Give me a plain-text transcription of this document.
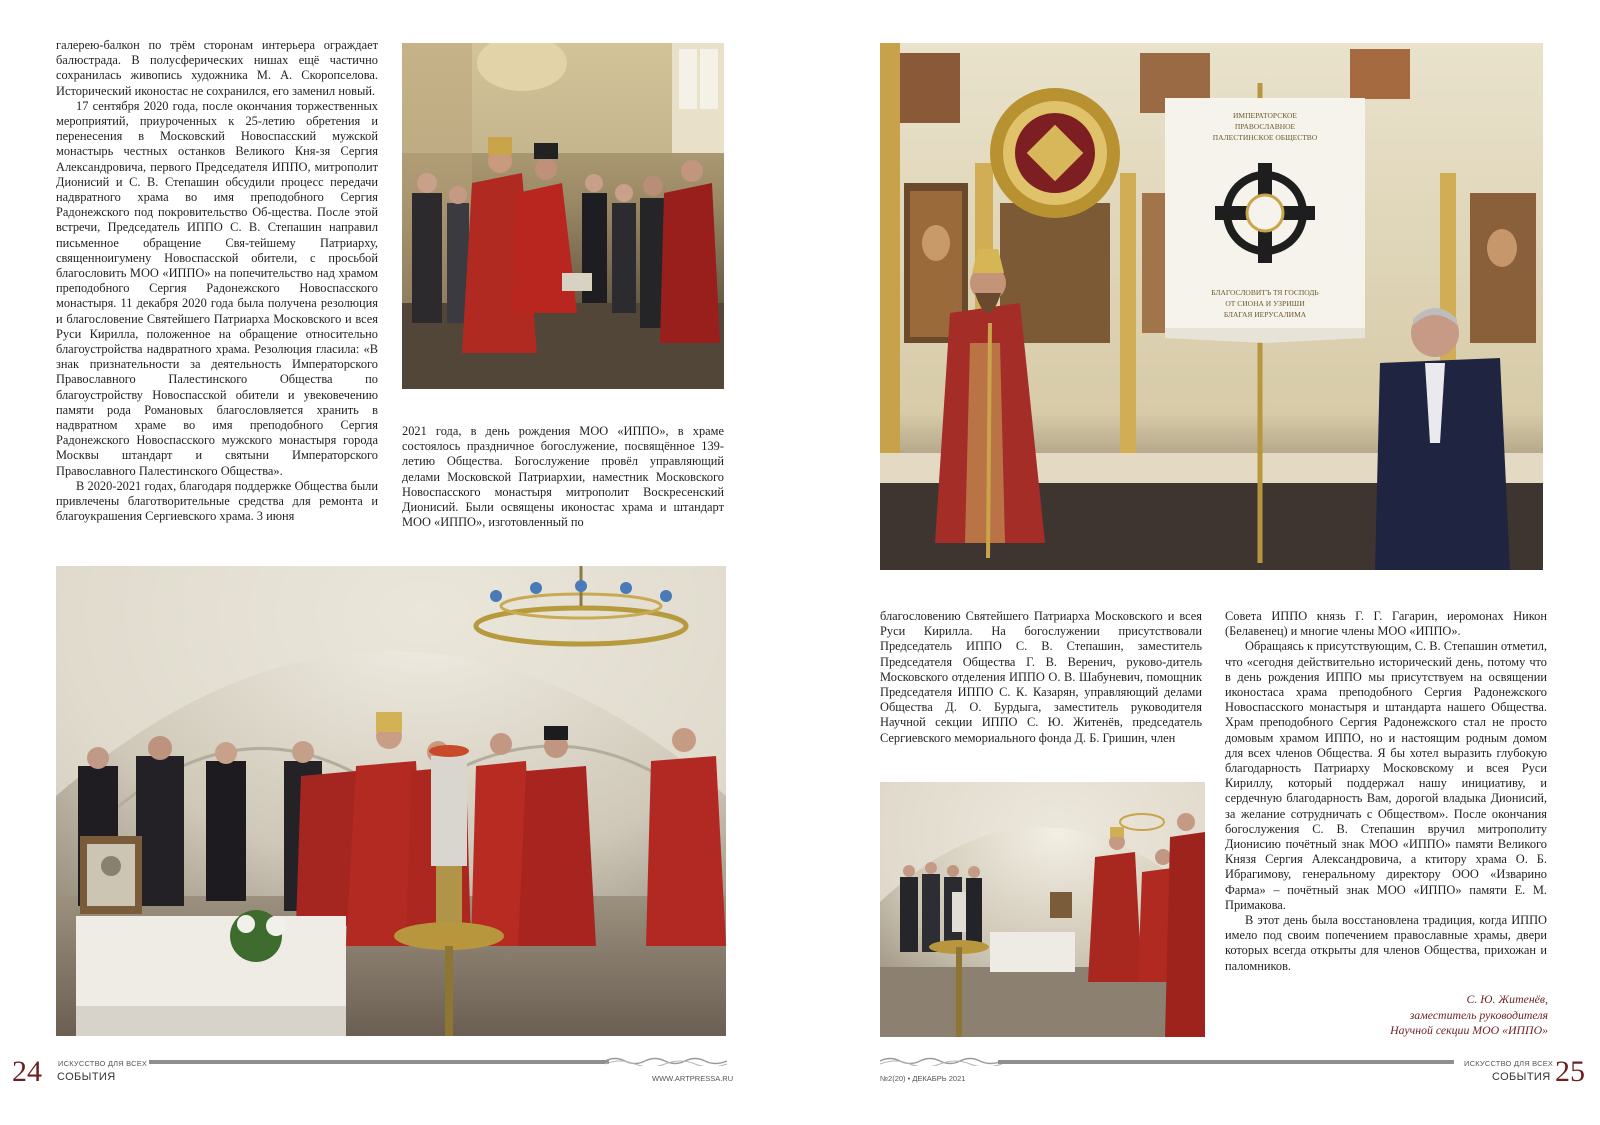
галерею-балкон по трём сторонам интерьера ограждает балюстрада. В полусферических нишах ещё частично сохранилась живопись художника М. А. Скоропселова. Исторический иконостас не сохранился, его заменил новый.

17 сентября 2020 года, после окончания торжественных мероприятий, приуроченных к 25-летию обретения и перенесения в Московский Новоспасский мужской монастырь честных останков Великого Кня-зя Сергия Александровича, первого Председателя ИППО, митрополит Дионисий и С. В. Степашин обсудили процесс передачи надвратного храма во имя преподобного Сергия Радонежского под покровительство Об-щества. После этой встречи, Председатель ИППО С. В. Степашин направил письменное обращение Свя-тейшему Патриарху, священноигумену Новоспасской обители, с просьбой благословить МОО «ИППО» на попечительство над храмом преподобного Сергия Радонежского Новоспасского монастыря. 11 декабря 2020 года была получена резолюция и благословение Святейшего Патриарха Московского и всея Руси Кирилла, положенное на обращение относительно благоустройства надвратного храма. Резолюция гласила: «В знак признательности за деятельность Императорского Православного Палестинского Общества по благоустройству Новоспасской обители и увековечению памяти рода Романовых благословляется хранить в надвратном храме во имя преподобного Сергия Радонежского Новоспасского мужского монастыря города Москвы штандарт и святыни Императорского Православного Палестинского Общества».

В 2020-2021 годах, благодаря поддержке Общества были привлечены благотворительные средства для ремонта и благоукрашения Сергиевского храма. 3 июня

2021 года, в день рождения МОО «ИППО», в храме состоялось праздничное богослужение, посвящённое 139-летию Общества. Богослужение провёл управляющий делами Московской Патриархии, наместник Московского Новоспасского монастыря митрополит Воскресенский Дионисий. Были освящены иконостас храма и штандарт МОО «ИППО», изготовленный по

24 ИСКУССТВО ДЛЯ ВСЕХ
СОБЫТИЯ	WWW.ARTPRESSA.RU
ИМПЕРАТОРСКОЕ
ПРАВОСЛАВНОЕ
ПАЛЕСТИНСКОЕ ОБЩЕСТВО
БЛАГОСЛОВИТЪ ТЯ ГОСПОДЬ
ОТ СИОНА И УЗРИШИ
БЛАГАЯ ИЕРУСАЛИМА

благословению Святейшего Патриарха Московского и всея Руси Кирилла. На богослужении присутствовали Председатель ИППО С. В. Степашин, заместитель Председателя Общества Г. В. Веренич, руково-дитель Московского отделения ИППО О. В. Шабуневич, помощник Председателя ИППО С. К. Казарян, управляющий делами Общества Д. О. Бурдыга, заместитель руководителя Научной секции ИППО С. Ю. Житенёв, председатель Сергиевского мемориального фонда Д. Б. Гришин, член

Совета ИППО князь Г. Г. Гагарин, иеромонах Никон (Белавенец) и многие члены МОО «ИППО».

Обращаясь к присутствующим, С. В. Степашин отметил, что «сегодня действительно исторический день, потому что в день рождения ИППО мы присутствуем на освящении иконостаса храма преподобного Сергия Радонежского Новоспасского монастыря и штандарта нашего Общества. Храм преподобного Сергия Радонежского стал не просто домовым храмом ИППО, но и настоящим родным домом для всех членов Общества. Я бы хотел выразить глубокую благодарность Патриарху Московскому и всея Руси Кириллу, который поддержал нашу инициативу, и сердечную благодарность Вам, дорогой владыка Дионисий, за желание сотрудничать с Обществом». После окончания богослужения С. В. Степашин вручил митрополиту Дионисию почётный знак МОО «ИППО» памяти Великого Князя Сергия Александровича, а ктитору храма О. Б. Ибрагимову, генеральному директору ООО «Изварино Фарма» – почётный знак МОО «ИППО» памяти Е. М. Примакова.

В этот день была восстановлена традиция, когда ИППО имело под своим попечением православные храмы, двери которых всегда открыты для членов Общества, прихожан и паломников.

С. Ю. Житенёв,
заместитель руководителя
Научной секции МОО «ИППО»
№2(20) • ДЕКАБРЬ 2021
ИСКУССТВО ДЛЯ ВСЕХ
СОБЫТИЯ 25
